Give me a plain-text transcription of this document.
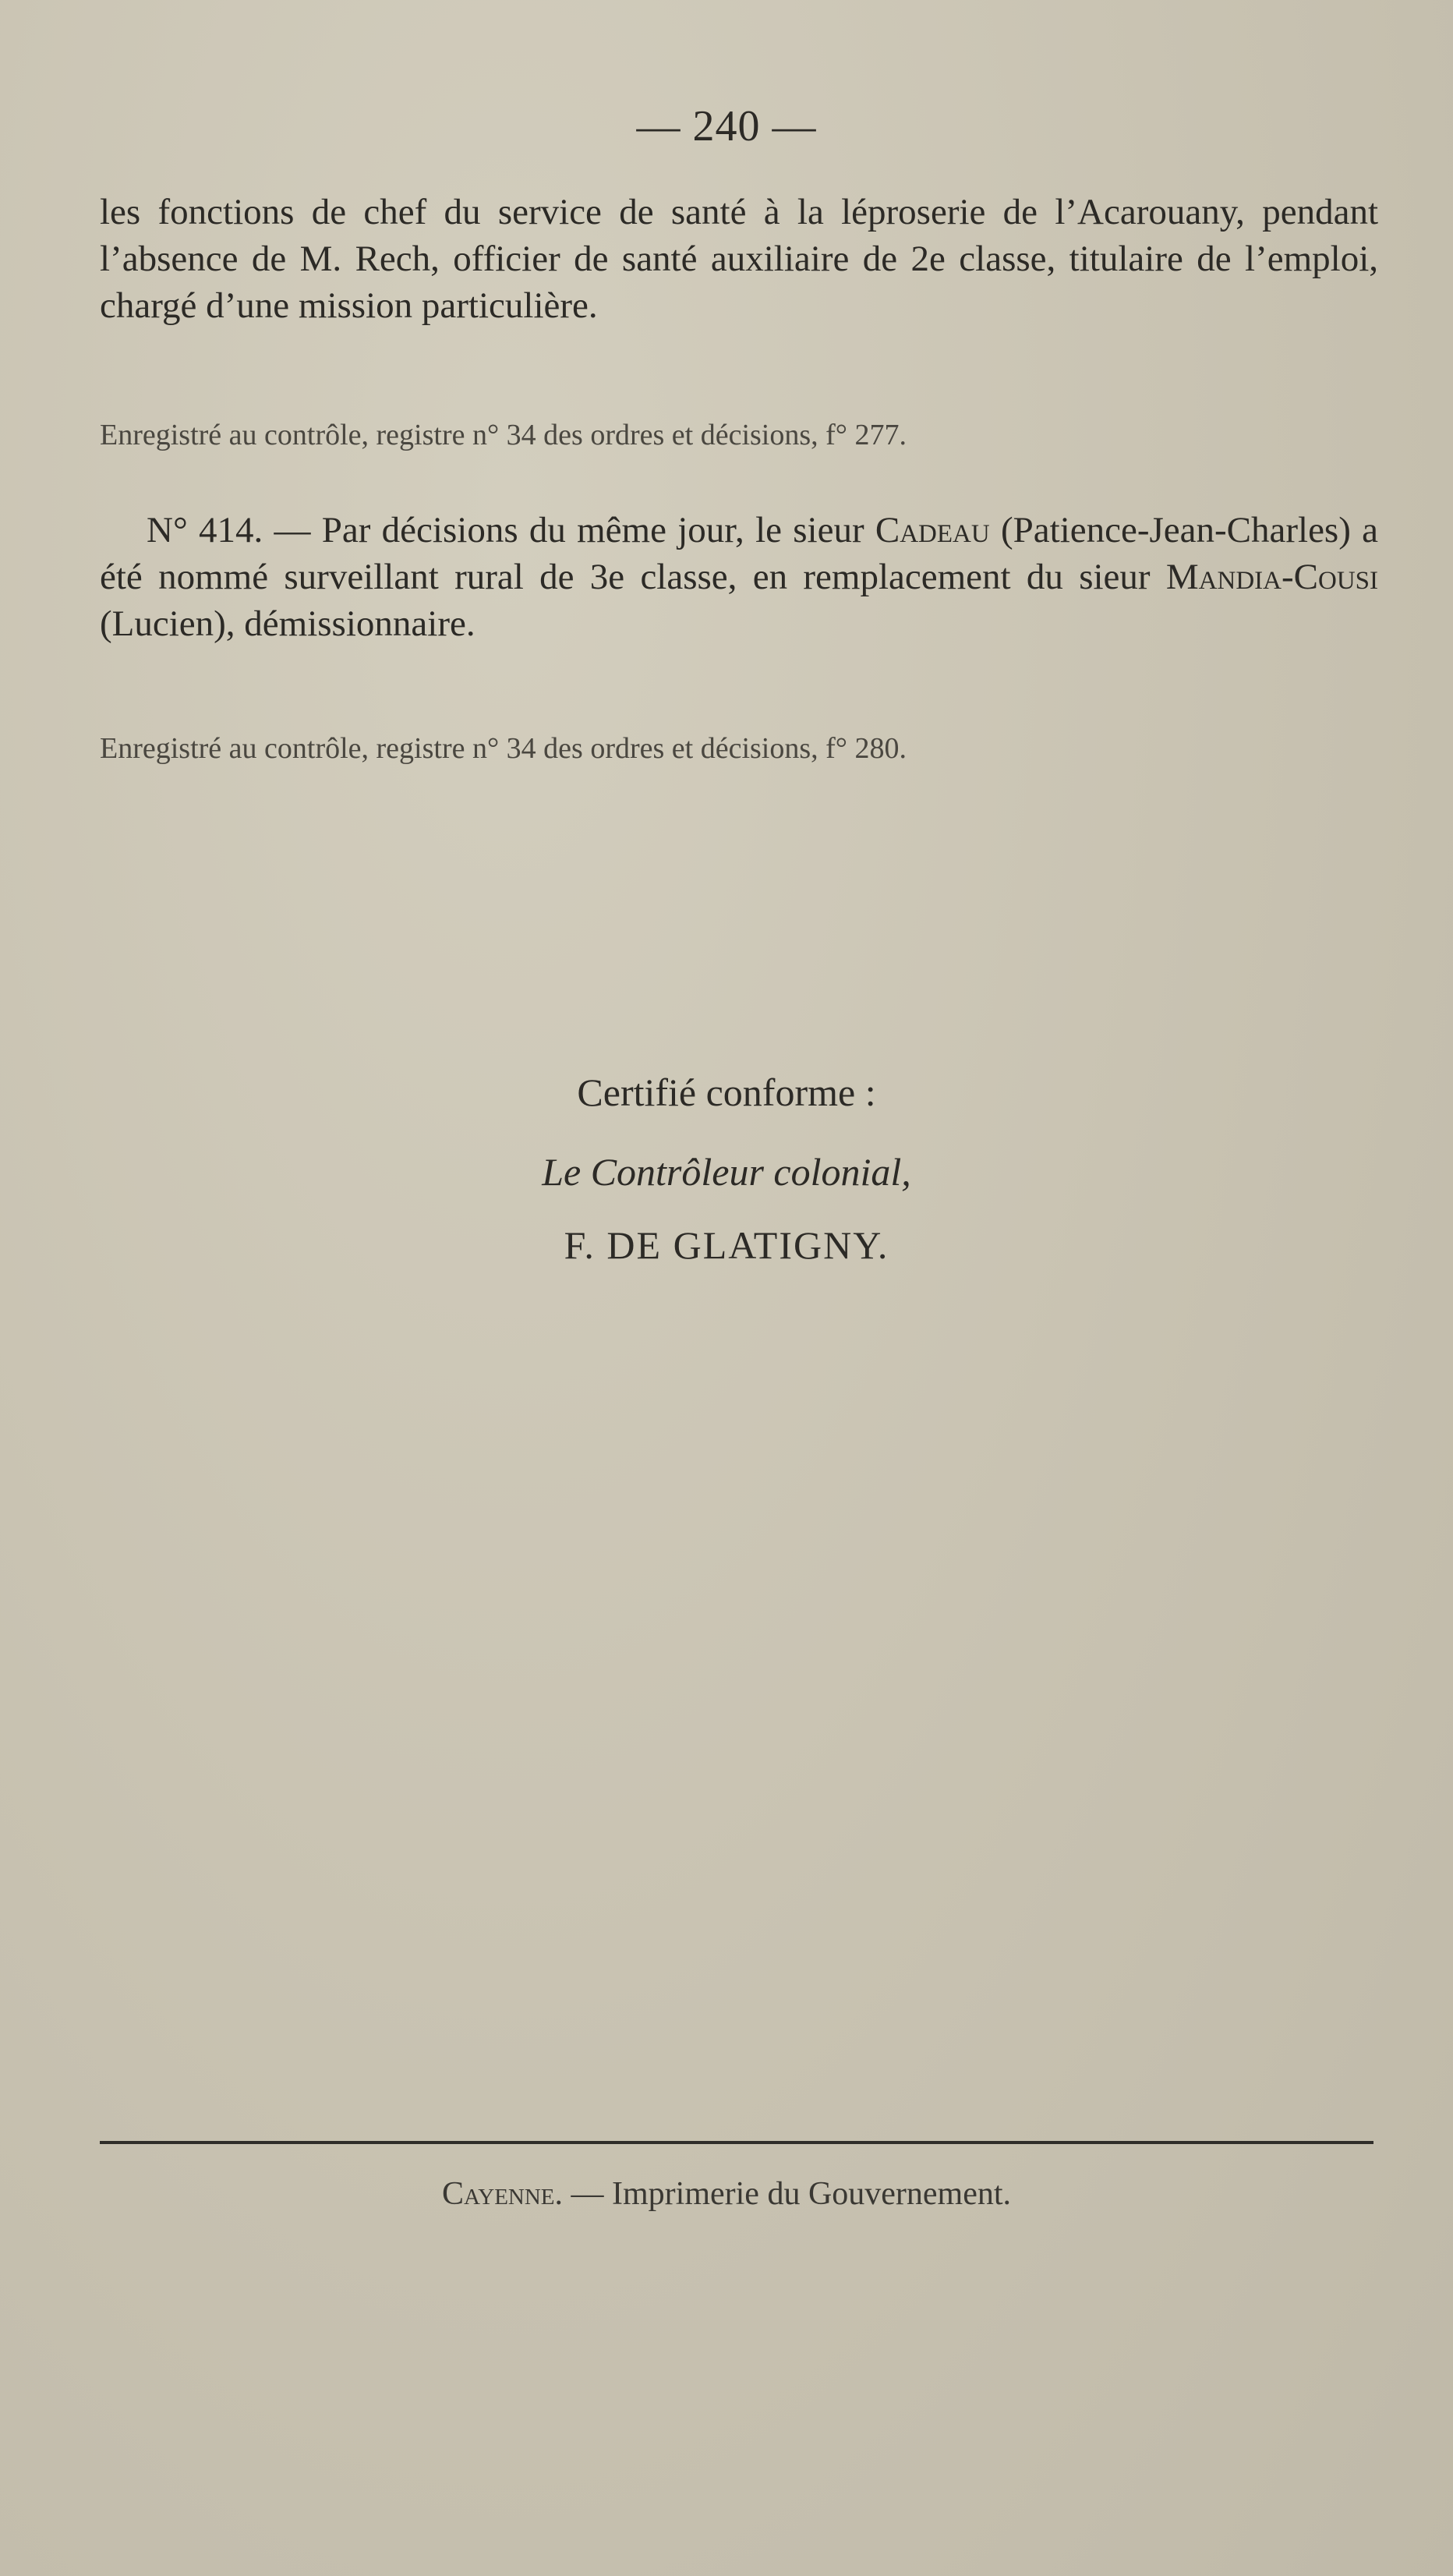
— 240 —

les fonctions de chef du service de santé à la léproserie de l’Acarouany, pendant l’absence de M. Rech, officier de santé auxiliaire de 2e classe, titulaire de l’emploi, chargé d’une mission particulière.

Enregistré au contrôle, registre n° 34 des ordres et décisions, f° 277.

N° 414. — Par décisions du même jour, le sieur Cadeau (Patience-Jean-Charles) a été nommé surveillant rural de 3e classe, en remplacement du sieur Mandia-Cousi (Lucien), démissionnaire.

Enregistré au contrôle, registre n° 34 des ordres et décisions, f° 280.

Certifié conforme :
Le Contrôleur colonial,
F. DE GLATIGNY.
Cayenne. — Imprimerie du Gouvernement.
